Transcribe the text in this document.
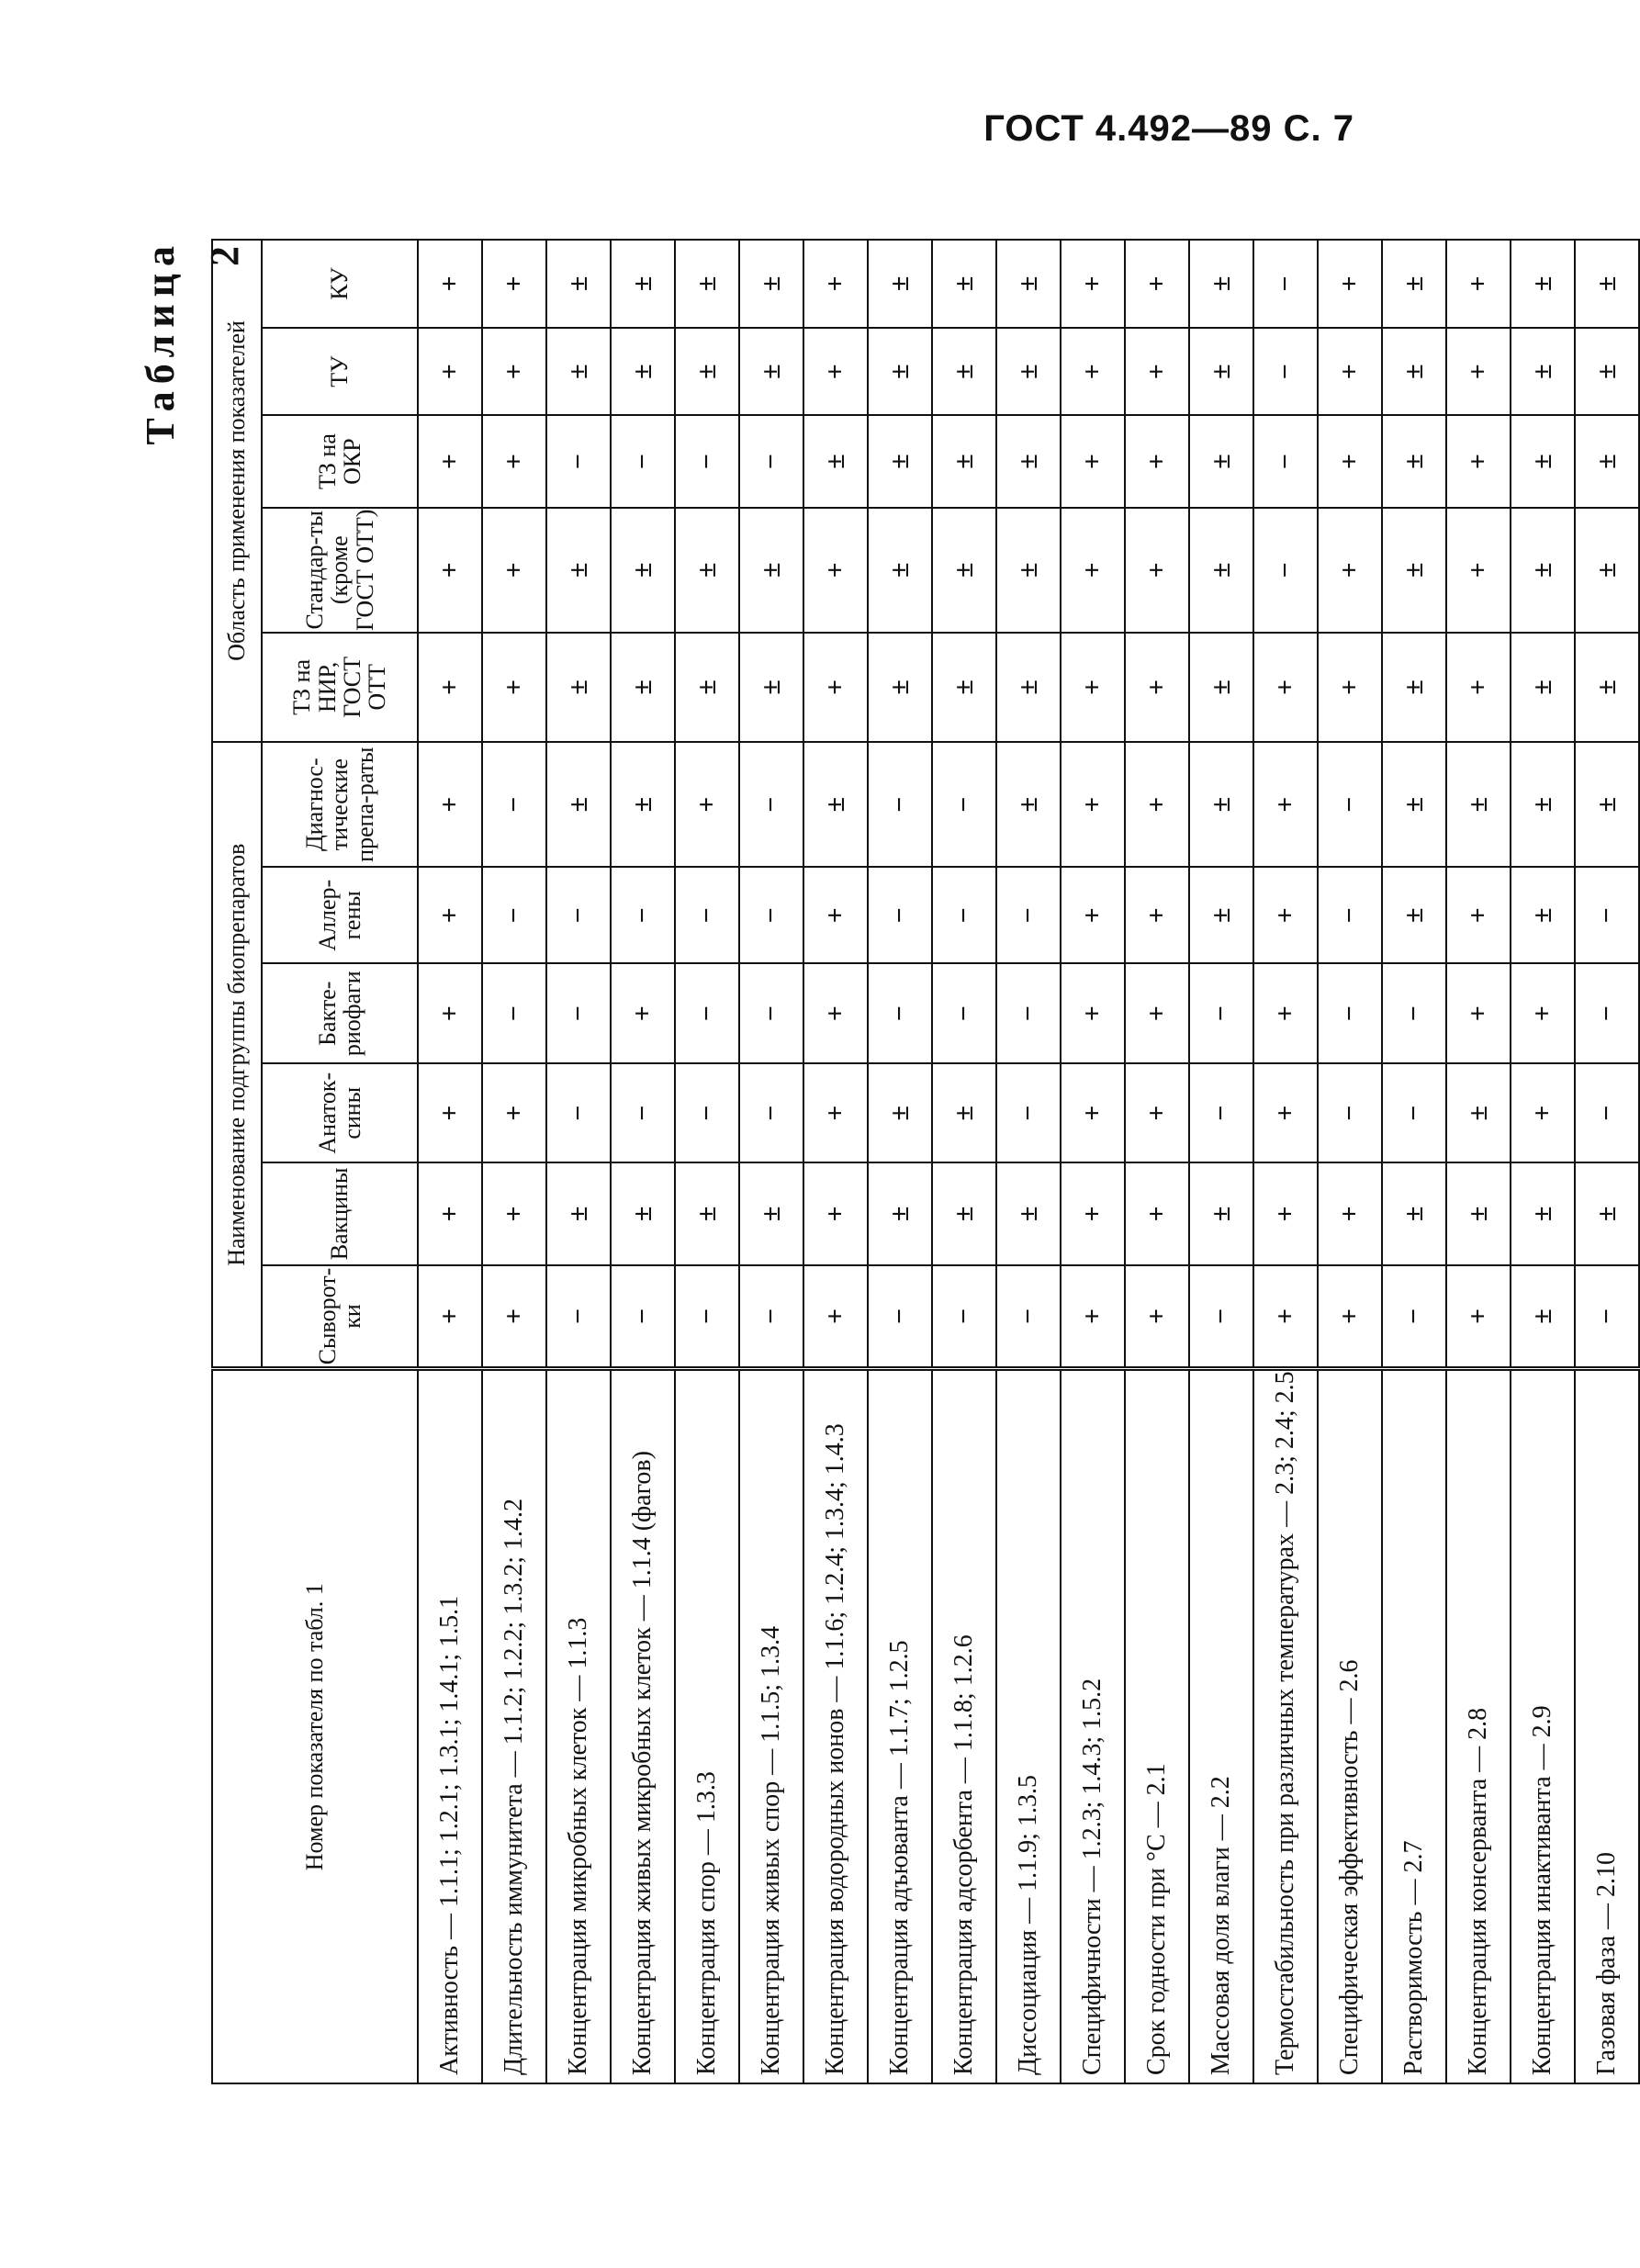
ГОСТ 4.492—89 С. 7
Таблица 2
Номер показателя по табл. 1	Наименование подгруппы биопрепаратов						Область применения показателей				
	Сыворот-ки	Вакцины	Анаток-сины	Бакте-риофаги	Аллер-гены	Диагнос-тические препа-раты	ТЗ на НИР, ГОСТ ОТТ	Стандар-ты (кроме ГОСТ ОТТ)	ТЗ на ОКР	ТУ	КУ
Активность — 1.1.1; 1.2.1; 1.3.1; 1.4.1; 1.5.1	+	+	+	+	+	+	+	+	+	+	+
Длительность иммунитета — 1.1.2; 1.2.2; 1.3.2; 1.4.2	+	+	+	−	−	−	+	+	+	+	+
Концентрация микробных клеток — 1.1.3	−	±	−	−	−	±	±	±	−	±	±
Концентрация живых микробных клеток — 1.1.4 (фагов)	−	±	−	+	−	±	±	±	−	±	±
Концентрация спор — 1.3.3	−	±	−	−	−	+	±	±	−	±	±
Концентрация живых спор — 1.1.5; 1.3.4	−	±	−	−	−	−	±	±	−	±	±
Концентрация водородных ионов — 1.1.6; 1.2.4; 1.3.4; 1.4.3	+	+	+	+	+	±	+	+	±	+	+
Концентрация адъюванта — 1.1.7; 1.2.5	−	±	±	−	−	−	±	±	±	±	±
Концентрация адсорбента — 1.1.8; 1.2.6	−	±	±	−	−	−	±	±	±	±	±
Диссоциация — 1.1.9; 1.3.5	−	±	−	−	−	±	±	±	±	±	±
Специфичности — 1.2.3; 1.4.3; 1.5.2	+	+	+	+	+	+	+	+	+	+	+
Срок годности при °С — 2.1	+	+	+	+	+	+	+	+	+	+	+
Массовая доля влаги — 2.2	−	±	−	−	±	±	±	±	±	±	±
Термостабильность при различных температурах — 2.3; 2.4; 2.5	+	+	+	+	+	+	+	−	−	−	−
Специфическая эффективность — 2.6	+	+	−	−	−	−	+	+	+	+	+
Растворимость — 2.7	−	±	−	−	±	±	±	±	±	±	±
Концентрация консерванта — 2.8	+	±	±	+	+	±	+	+	+	+	+
Концентрация инактиванта — 2.9	±	±	+	+	±	±	±	±	±	±	±
Газовая фаза — 2.10	−	±	−	−	−	±	±	±	±	±	±
